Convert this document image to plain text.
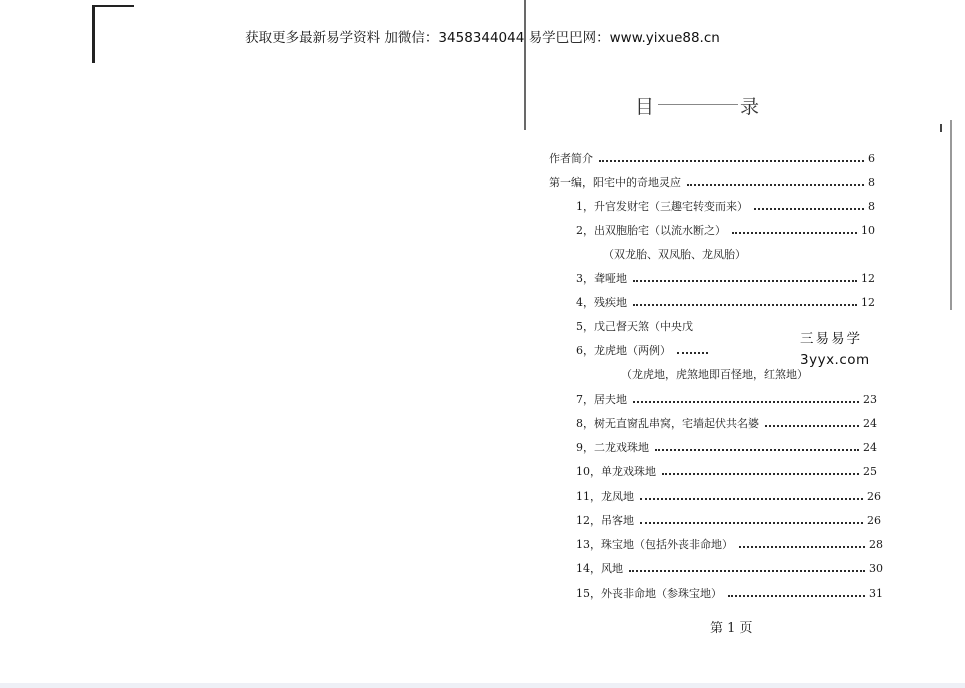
获取更多最新易学资料 加微信：3458344044 易学巴巴网：www.yixue88.cn
目	录
作者简介	6
第一编，阳宅中的奇地灵应	8
1，升官发财宅（三趣宅转变而来）	8
2，出双胞胎宅（以流水断之）	10
（双龙胎、双凤胎、龙凤胎）
3，聋哑地	12
4，残疾地	12
5，戊己督天煞（中央戊
6，龙虎地（两例）
（龙虎地，虎煞地即百怪地，红煞地）
7，居夫地	23
8，树无直窗乱串窝，宅墙起伏共名婆	24
9，二龙戏珠地	24
10，单龙戏珠地	25
11，龙凤地	26
12，吊客地	26
13，珠宝地（包括外丧非命地）	28
14，风地	30
15，外丧非命地（参珠宝地）	31
三易易学
3yyx.com
第 1 页
